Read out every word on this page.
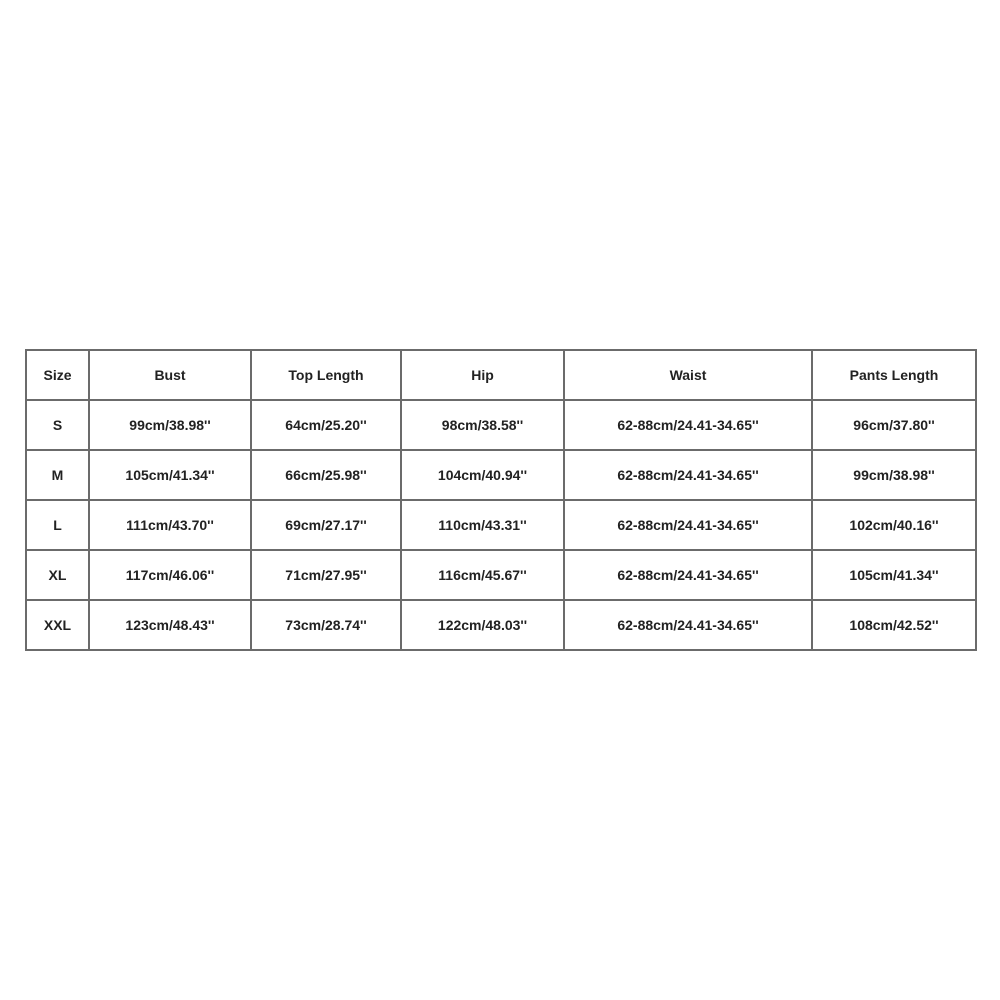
Size	Bust	Top Length	Hip	Waist	Pants Length
S	99cm/38.98''	64cm/25.20''	98cm/38.58''	62-88cm/24.41-34.65''	96cm/37.80''
M	105cm/41.34''	66cm/25.98''	104cm/40.94''	62-88cm/24.41-34.65''	99cm/38.98''
L	111cm/43.70''	69cm/27.17''	110cm/43.31''	62-88cm/24.41-34.65''	102cm/40.16''
XL	117cm/46.06''	71cm/27.95''	116cm/45.67''	62-88cm/24.41-34.65''	105cm/41.34''
XXL	123cm/48.43''	73cm/28.74''	122cm/48.03''	62-88cm/24.41-34.65''	108cm/42.52''
